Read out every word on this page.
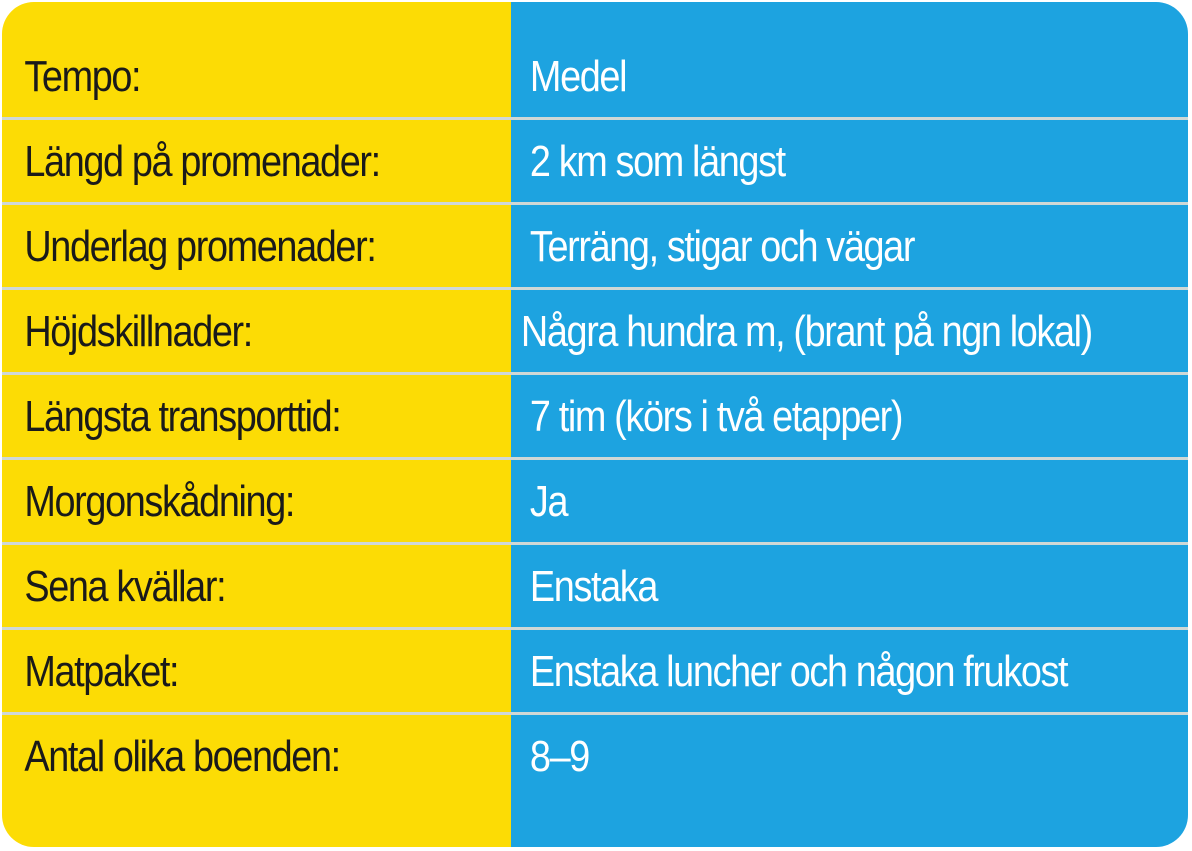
Tempo:	Medel
Längd på promenader:	2 km som längst
Underlag promenader:	Terräng, stigar och vägar
Höjdskillnader:	Några hundra m, (brant på ngn lokal)
Längsta transporttid:	7 tim (körs i två etapper)
Morgonskådning:	Ja
Sena kvällar:	Enstaka
Matpaket:	Enstaka luncher och någon frukost
Antal olika boenden:	8–9
